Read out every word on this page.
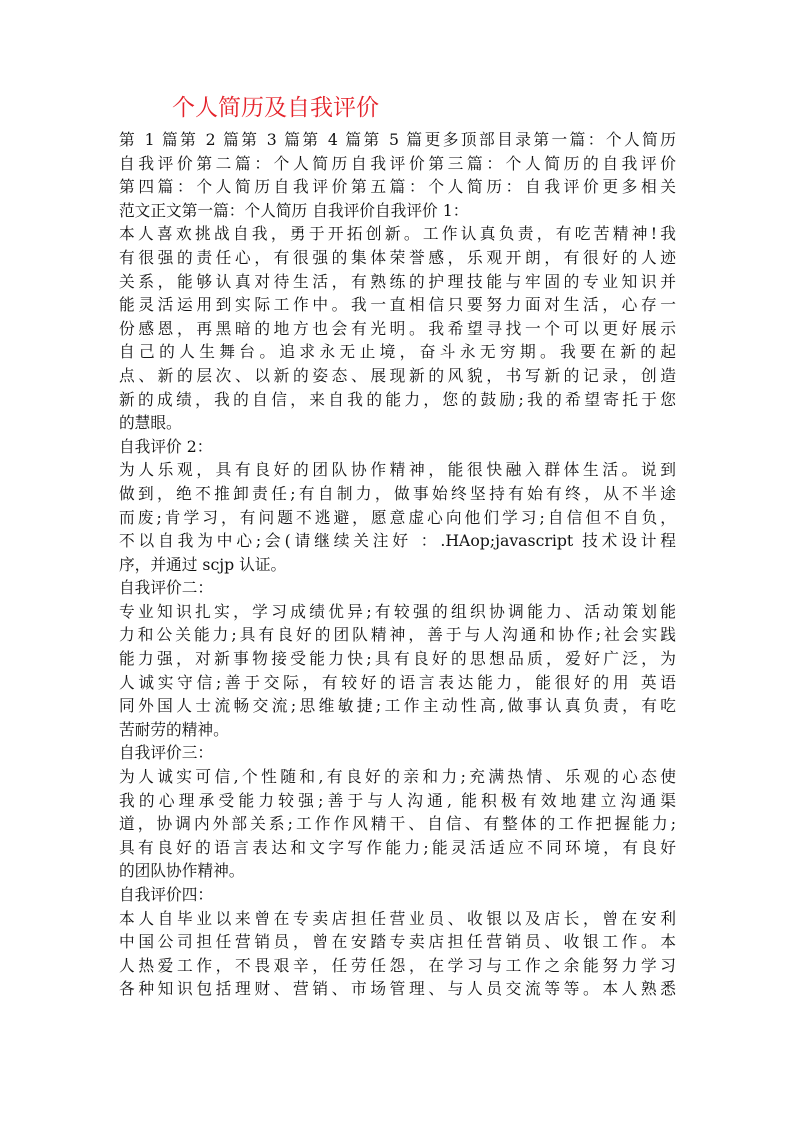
个人简历及自我评价
第 1 篇第 2 篇第 3 篇第 4 篇第 5 篇更多顶部目录第一篇：个人简历
自我评价第二篇：个人简历自我评价第三篇：个人简历的自我评价
第四篇：个人简历自我评价第五篇：个人简历：自我评价更多相关
范文正文第一篇：个人简历 自我评价自我评价 1：
本人喜欢挑战自我，勇于开拓创新。工作认真负责，有吃苦精神!我
有很强的责任心，有很强的集体荣誉感，乐观开朗，有很好的人迹
关系，能够认真对待生活，有熟练的护理技能与牢固的专业知识并
能灵活运用到实际工作中。我一直相信只要努力面对生活，心存一
份感恩，再黑暗的地方也会有光明。我希望寻找一个可以更好展示
自己的人生舞台。追求永无止境，奋斗永无穷期。我要在新的起
点、新的层次、以新的姿态、展现新的风貌，书写新的记录，创造
新的成绩，我的自信，来自我的能力，您的鼓励;我的希望寄托于您
的慧眼。
自我评价 2：
为人乐观，具有良好的团队协作精神，能很快融入群体生活。说到
做到，绝不推卸责任;有自制力，做事始终坚持有始有终，从不半途
而废;肯学习，有问题不逃避，愿意虚心向他们学习;自信但不自负，
不以自我为中心;会(请继续关注好 ：.HAop;javascript 技术设计程
序，并通过 scjp 认证。
自我评价二：
专业知识扎实，学习成绩优异;有较强的组织协调能力、活动策划能
力和公关能力;具有良好的团队精神，善于与人沟通和协作;社会实践
能力强，对新事物接受能力快;具有良好的思想品质，爱好广泛，为
人诚实守信;善于交际，有较好的语言表达能力，能很好的用 英语
同外国人士流畅交流;思维敏捷;工作主动性高,做事认真负责，有吃
苦耐劳的精神。
自我评价三：
为人诚实可信,个性随和,有良好的亲和力;充满热情、乐观的心态使
我的心理承受能力较强;善于与人沟通, 能积极有效地建立沟通渠
道，协调内外部关系;工作作风精干、自信、有整体的工作把握能力;
具有良好的语言表达和文字写作能力;能灵活适应不同环境，有良好
的团队协作精神。
自我评价四：
本人自毕业以来曾在专卖店担任营业员、收银以及店长，曾在安利
中国公司担任营销员，曾在安踏专卖店担任营销员、收银工作。本
人热爱工作，不畏艰辛，任劳任怨，在学习与工作之余能努力学习
各种知识包括理财、营销、市场管理、与人员交流等等。本人熟悉
